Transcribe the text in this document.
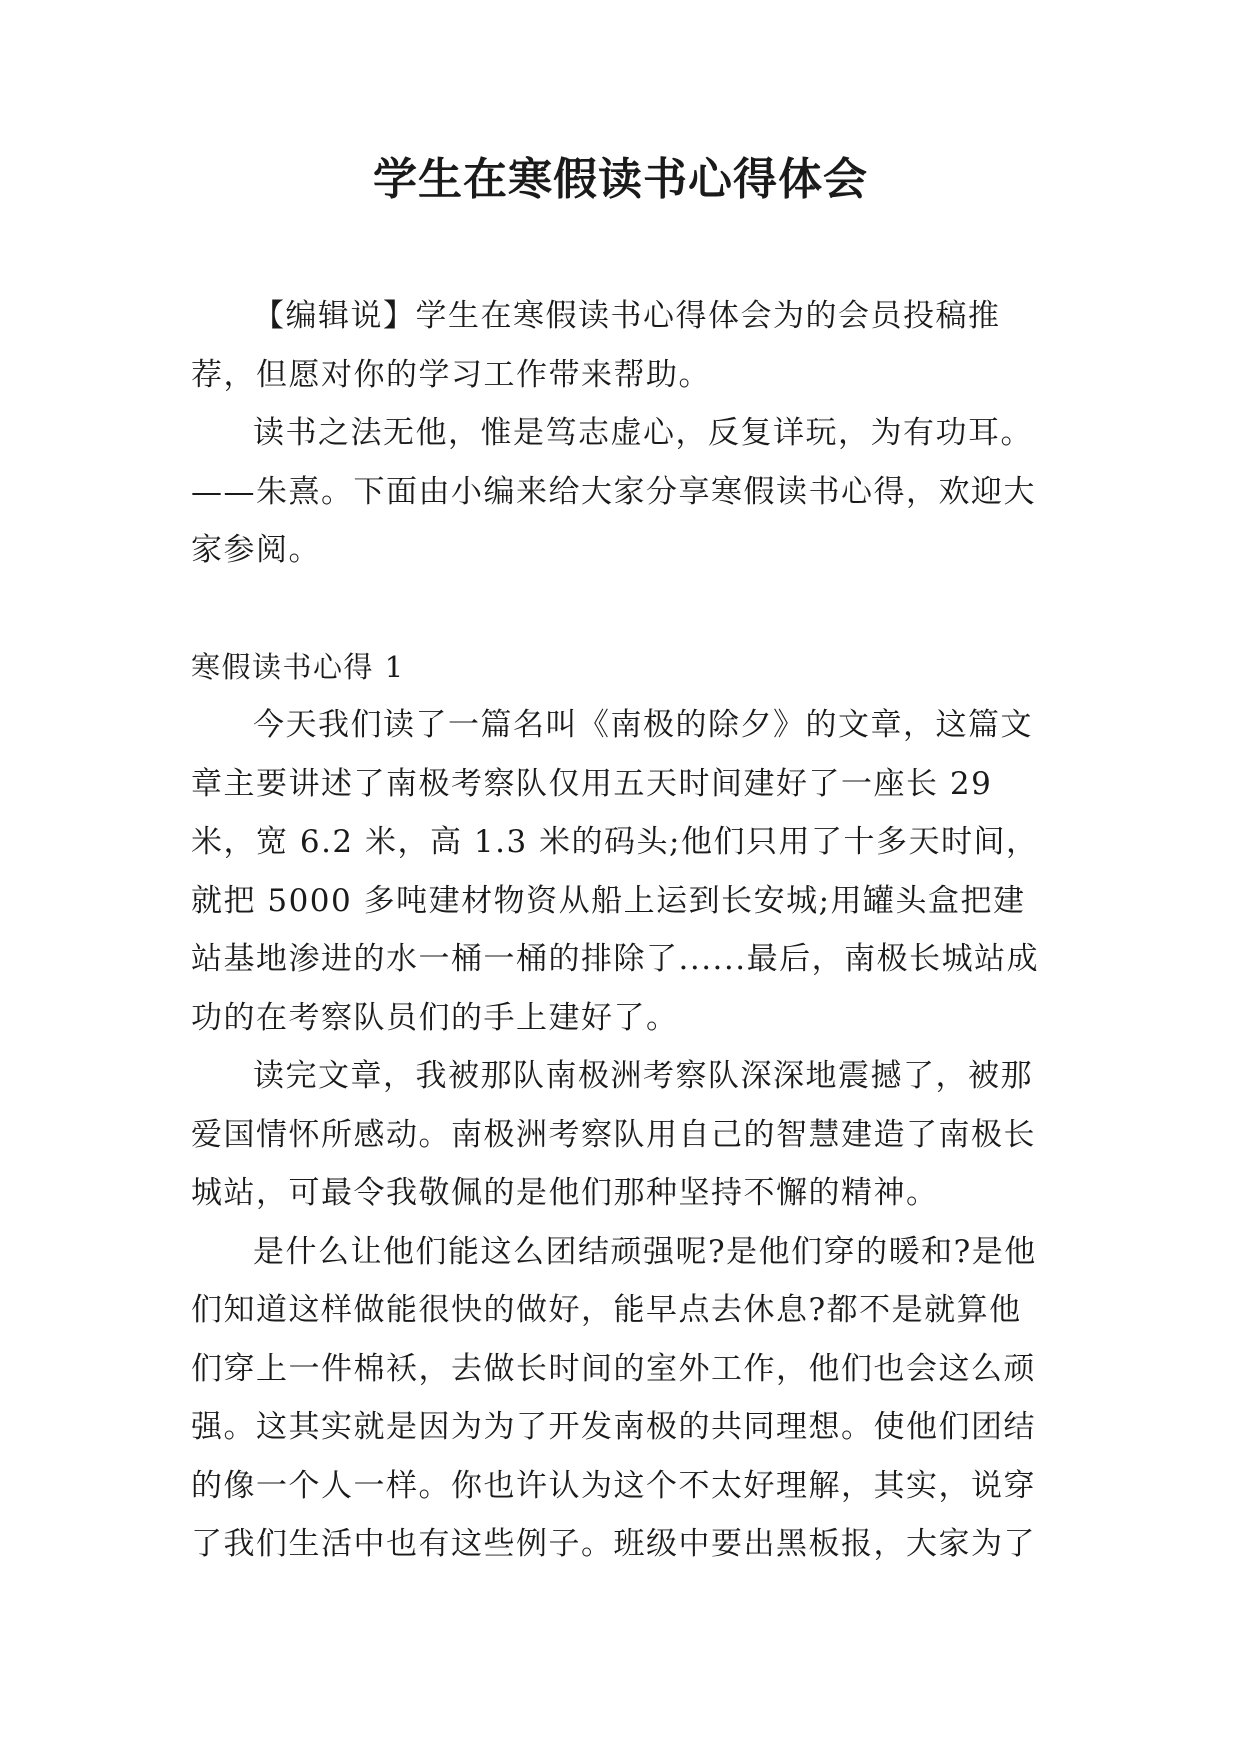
学生在寒假读书心得体会

【编辑说】学生在寒假读书心得体会为的会员投稿推荐，但愿对你的学习工作带来帮助。

读书之法无他，惟是笃志虚心，反复详玩，为有功耳。——朱熹。下面由小编来给大家分享寒假读书心得，欢迎大家参阅。

寒假读书心得 1

今天我们读了一篇名叫《南极的除夕》的文章，这篇文章主要讲述了南极考察队仅用五天时间建好了一座长 29 米，宽 6.2 米，高 1.3 米的码头;他们只用了十多天时间，就把 5000 多吨建材物资从船上运到长安城;用罐头盒把建站基地渗进的水一桶一桶的排除了......最后，南极长城站成功的在考察队员们的手上建好了。

读完文章，我被那队南极洲考察队深深地震撼了，被那爱国情怀所感动。南极洲考察队用自己的智慧建造了南极长城站，可最令我敬佩的是他们那种坚持不懈的精神。

是什么让他们能这么团结顽强呢?是他们穿的暖和?是他们知道这样做能很快的做好，能早点去休息?都不是就算他们穿上一件棉袄，去做长时间的室外工作，他们也会这么顽强。这其实就是因为为了开发南极的共同理想。使他们团结的像一个人一样。你也许认为这个不太好理解，其实，说穿了我们生活中也有这些例子。班级中要出黑板报，大家为了
